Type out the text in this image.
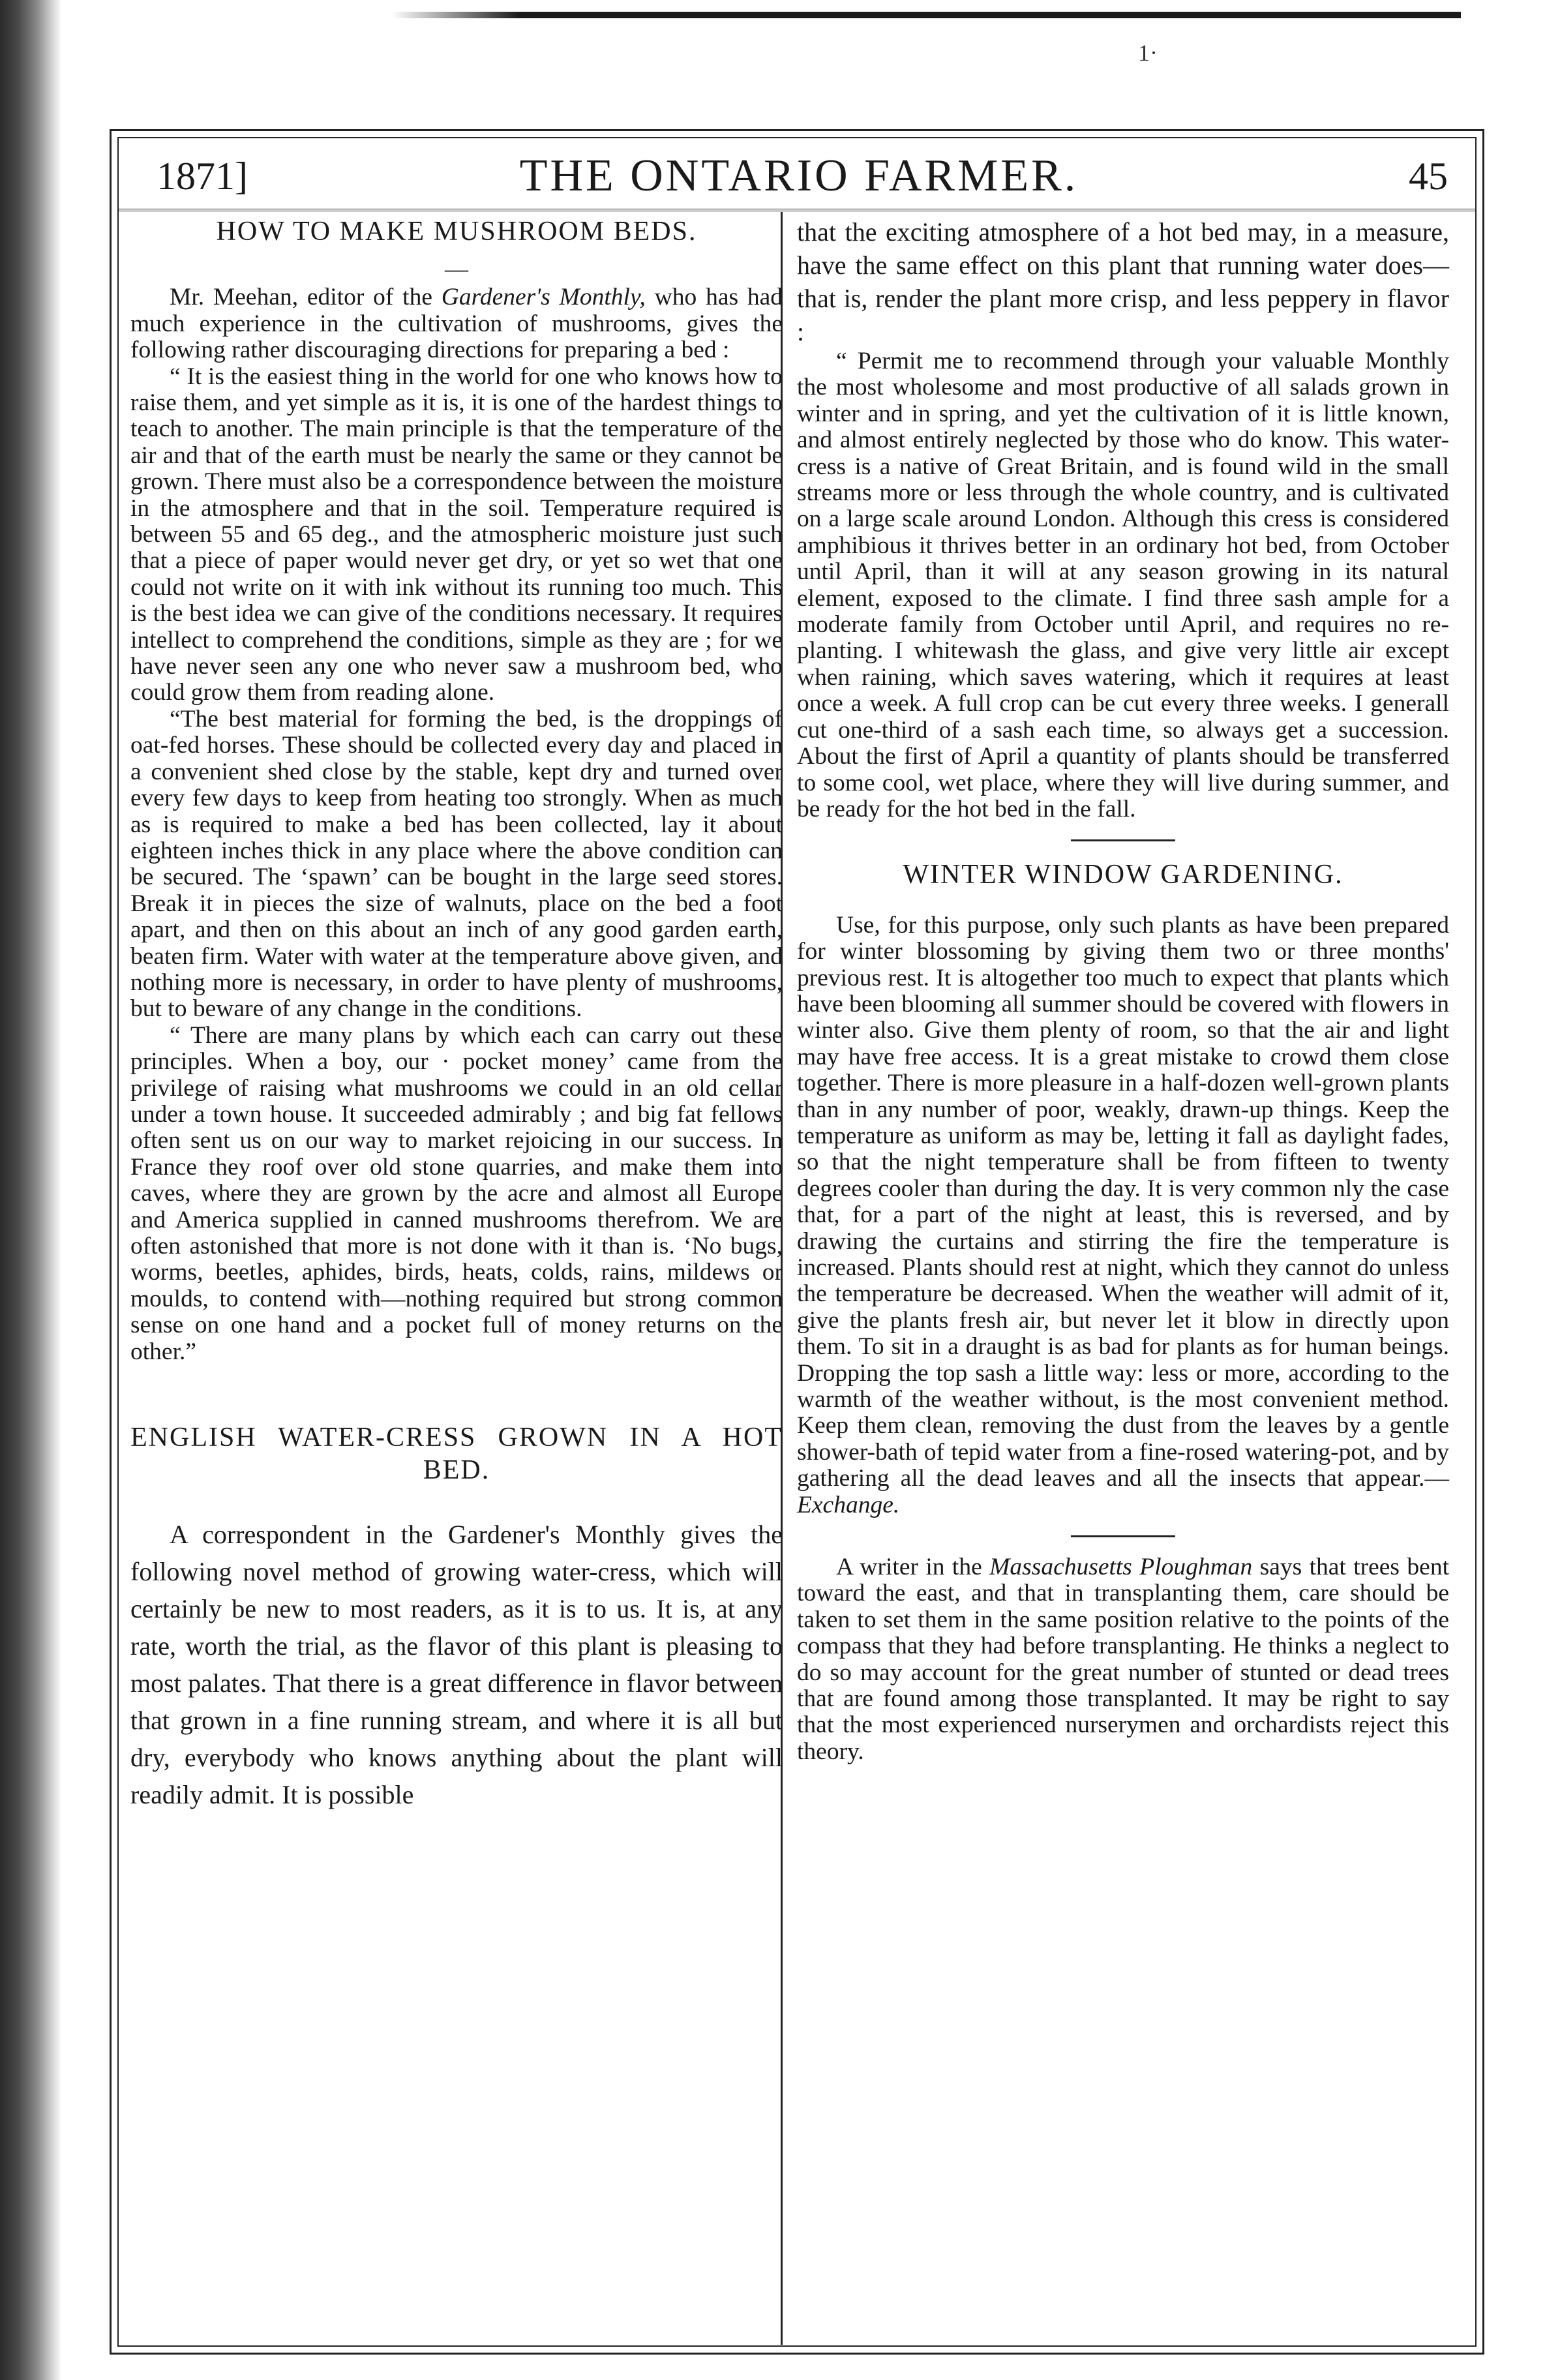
1·
1871]	THE ONTARIO FARMER.	45
HOW TO MAKE MUSHROOM BEDS.
—

Mr. Meehan, editor of the Gardener's Monthly, who has had much experience in the cultivation of mushrooms, gives the following rather discouraging directions for preparing a bed :

“ It is the easiest thing in the world for one who knows how to raise them, and yet simple as it is, it is one of the hardest things to teach to another. The main principle is that the temperature of the air and that of the earth must be nearly the same or they cannot be grown. There must also be a correspondence between the moisture in the atmosphere and that in the soil. Temperature required is between 55 and 65 deg., and the atmospheric moisture just such that a piece of paper would never get dry, or yet so wet that one could not write on it with ink without its running too much. This is the best idea we can give of the conditions necessary. It requires intellect to comprehend the conditions, simple as they are ; for we have never seen any one who never saw a mushroom bed, who could grow them from reading alone.

“The best material for forming the bed, is the droppings of oat-fed horses. These should be collected every day and placed in a convenient shed close by the stable, kept dry and turned over every few days to keep from heating too strongly. When as much as is required to make a bed has been collected, lay it about eighteen inches thick in any place where the above condition can be secured. The ‘spawn’ can be bought in the large seed stores. Break it in pieces the size of walnuts, place on the bed a foot apart, and then on this about an inch of any good garden earth, beaten firm. Water with water at the temperature above given, and nothing more is necessary, in order to have plenty of mushrooms, but to beware of any change in the conditions.

“ There are many plans by which each can carry out these principles. When a boy, our · pocket money’ came from the privilege of raising what mushrooms we could in an old cellar under a town house. It succeeded admirably ; and big fat fellows often sent us on our way to market rejoicing in our success. In France they roof over old stone quarries, and make them into caves, where they are grown by the acre and almost all Europe and America supplied in canned mushrooms therefrom. We are often astonished that more is not done with it than is. ‘No bugs, worms, beetles, aphides, birds, heats, colds, rains, mildews or moulds, to contend with—nothing required but strong common sense on one hand and a pocket full of money returns on the other.”

ENGLISH WATER-CRESS GROWN IN A HOT BED.

A correspondent in the Gardener's Monthly gives the following novel method of growing water-cress, which will certainly be new to most readers, as it is to us. It is, at any rate, worth the trial, as the flavor of this plant is pleasing to most palates. That there is a great difference in flavor between that grown in a fine running stream, and where it is all but dry, everybody who knows anything about the plant will readily admit. It is possible

that the exciting atmosphere of a hot bed may, in a measure, have the same effect on this plant that running water does—that is, render the plant more crisp, and less peppery in flavor :

“ Permit me to recommend through your valuable Monthly the most wholesome and most productive of all salads grown in winter and in spring, and yet the cultivation of it is little known, and almost entirely neglected by those who do know. This water-cress is a native of Great Britain, and is found wild in the small streams more or less through the whole country, and is cultivated on a large scale around London. Although this cress is considered amphibious it thrives better in an ordinary hot bed, from October until April, than it will at any season growing in its natural element, exposed to the climate. I find three sash ample for a moderate family from October until April, and requires no re-planting. I whitewash the glass, and give very little air except when raining, which saves watering, which it requires at least once a week. A full crop can be cut every three weeks. I generall cut one-third of a sash each time, so always get a succession. About the first of April a quantity of plants should be transferred to some cool, wet place, where they will live during summer, and be ready for the hot bed in the fall.

WINTER WINDOW GARDENING.

Use, for this purpose, only such plants as have been prepared for winter blossoming by giving them two or three months' previous rest. It is altogether too much to expect that plants which have been blooming all summer should be covered with flowers in winter also. Give them plenty of room, so that the air and light may have free access. It is a great mistake to crowd them close together. There is more pleasure in a half-dozen well-grown plants than in any number of poor, weakly, drawn-up things. Keep the temperature as uniform as may be, letting it fall as daylight fades, so that the night temperature shall be from fifteen to twenty degrees cooler than during the day. It is very common nly the case that, for a part of the night at least, this is reversed, and by drawing the curtains and stirring the fire the temperature is increased. Plants should rest at night, which they cannot do unless the temperature be decreased. When the weather will admit of it, give the plants fresh air, but never let it blow in directly upon them. To sit in a draught is as bad for plants as for human beings. Dropping the top sash a little way: less or more, according to the warmth of the weather without, is the most convenient method. Keep them clean, removing the dust from the leaves by a gentle shower-bath of tepid water from a fine-rosed watering-pot, and by gathering all the dead leaves and all the insects that appear.—Exchange.

A writer in the Massachusetts Ploughman says that trees bent toward the east, and that in transplanting them, care should be taken to set them in the same position relative to the points of the compass that they had before transplanting. He thinks a neglect to do so may account for the great number of stunted or dead trees that are found among those transplanted. It may be right to say that the most experienced nurserymen and orchardists reject this theory.
